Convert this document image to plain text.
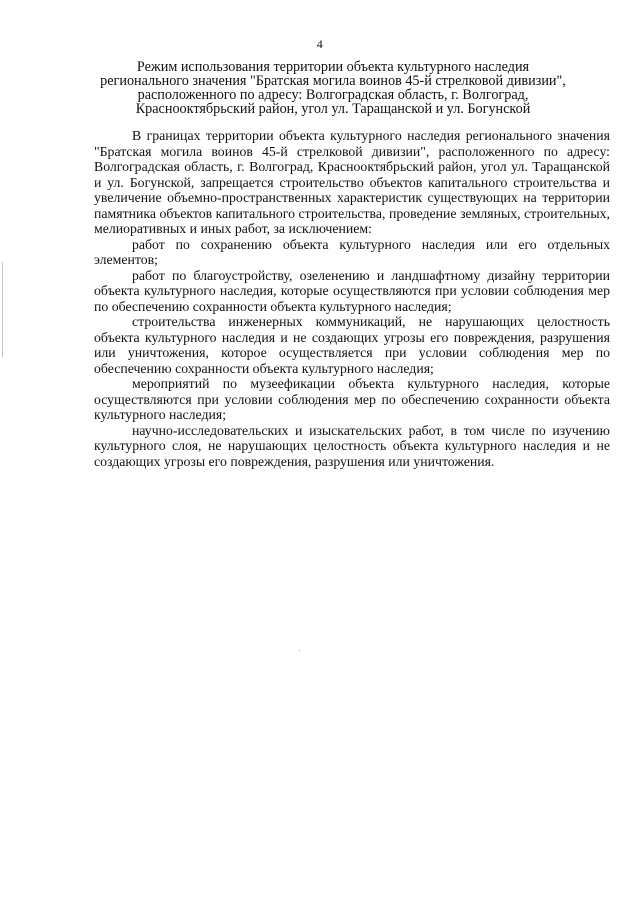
4
Режим использования территории объекта культурного наследия
регионального значения "Братская могила воинов 45-й стрелковой дивизии",
расположенного по адресу: Волгоградская область, г. Волгоград,
Краснооктябрьский район, угол ул. Таращанской и ул. Богунской

В границах территории объекта культурного наследия регионального значения "Братская могила воинов 45-й стрелковой дивизии", расположенного по адресу: Волгоградская область, г. Волгоград, Краснооктябрьский район, угол ул. Таращанской и ул. Богунской, запрещается строительство объектов капитального строительства и увеличение объемно-пространственных характеристик существующих на территории памятника объектов капитального строительства, проведение земляных, строительных, мелиоративных и иных работ, за исключением:

работ по сохранению объекта культурного наследия или его отдельных элементов;

работ по благоустройству, озеленению и ландшафтному дизайну территории объекта культурного наследия, которые осуществляются при условии соблюдения мер по обеспечению сохранности объекта культурного наследия;

строительства инженерных коммуникаций, не нарушающих целостность объекта культурного наследия и не создающих угрозы его повреждения, разрушения или уничтожения, которое осуществляется при условии соблюдения мер по обеспечению сохранности объекта культурного наследия;

мероприятий по музеефикации объекта культурного наследия, которые осуществляются при условии соблюдения мер по обеспечению сохранности объекта культурного наследия;

научно-исследовательских и изыскательских работ, в том числе по изучению культурного слоя, не нарушающих целостность объекта культурного наследия и не создающих угрозы его повреждения, разрушения или уничтожения.
